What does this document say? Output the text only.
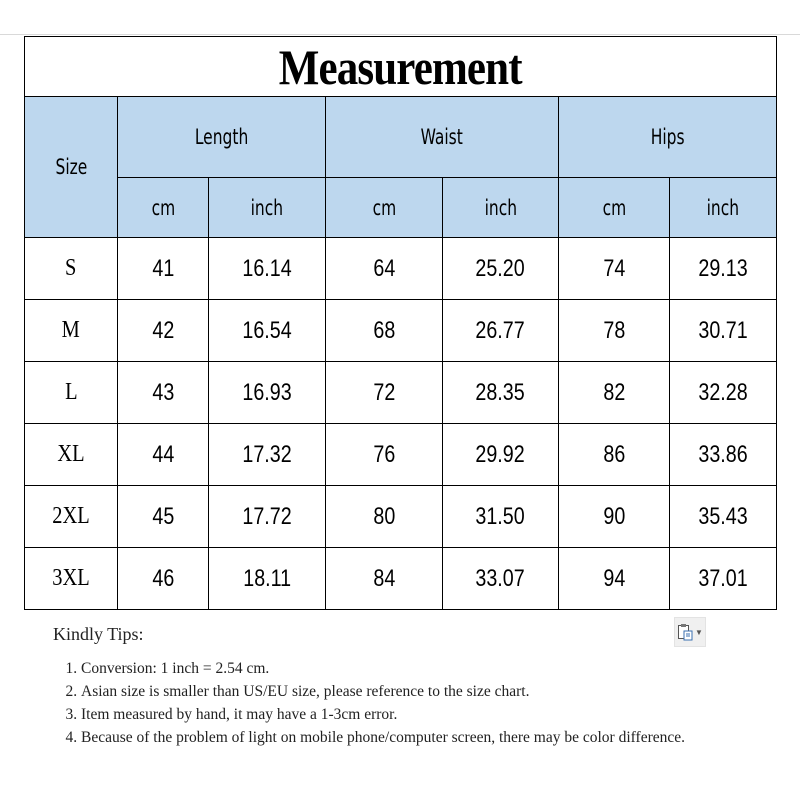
Measurement						
Size	Length		Waist		Hips	
	cm	inch	cm	inch	cm	inch
S	41	16.14	64	25.20	74	29.13
M	42	16.54	68	26.77	78	30.71
L	43	16.93	72	28.35	82	32.28
XL	44	17.32	76	29.92	86	33.86
2XL	45	17.72	80	31.50	90	35.43
3XL	46	18.11	84	33.07	94	37.01
▼

Kindly Tips:

1. Conversion: 1 inch = 2.54 cm.
2. Asian size is smaller than US/EU size, please reference to the size chart.
3. Item measured by hand, it may have a 1-3cm error.
4. Because of the problem of light on mobile phone/computer screen, there may be color difference.
